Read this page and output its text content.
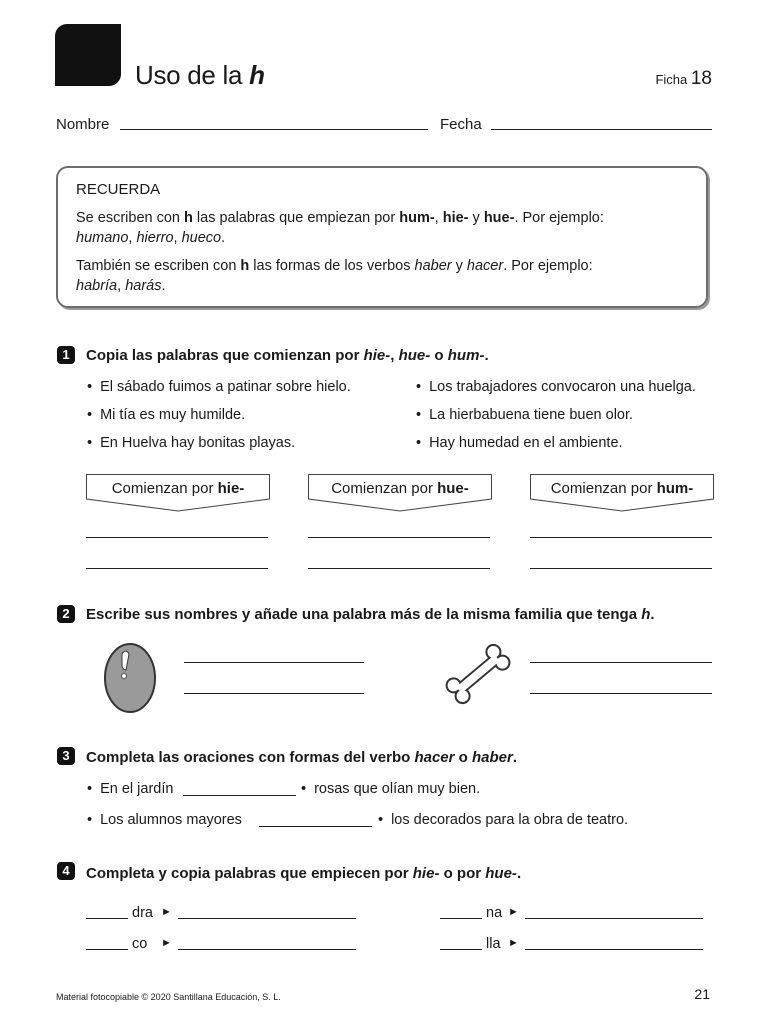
Uso de la h	Ficha 18
Nombre	Fecha
RECUERDA

Se escriben con h las palabras que empiezan por hum-, hie- y hue-. Por ejemplo:
humano, hierro, hueco.

También se escriben con h las formas de los verbos haber y hacer. Por ejemplo:
habría, harás.

1	Copia las palabras que comienzan por hie-, hue- o hum-.
• El sábado fuimos a patinar sobre hielo.
• Mi tía es muy humilde.
• En Huelva hay bonitas playas.
• Los trabajadores convocaron una huelga.
• La hierbabuena tiene buen olor.
• Hay humedad en el ambiente.
Comienzan por hie-	Comienzan por hue-	Comienzan por hum-
2	Escribe sus nombres y añade una palabra más de la misma familia que tenga h.
3	Completa las oraciones con formas del verbo hacer o haber.
• En el jardín	• rosas que olían muy bien.
• Los alumnos mayores	• los decorados para la obra de teatro.
4	Completa y copia palabras que empiecen por hie- o por hue-.
dra ►	na ►
co ►	lla ►
Material fotocopiable © 2020 Santillana Educación, S. L.	21
